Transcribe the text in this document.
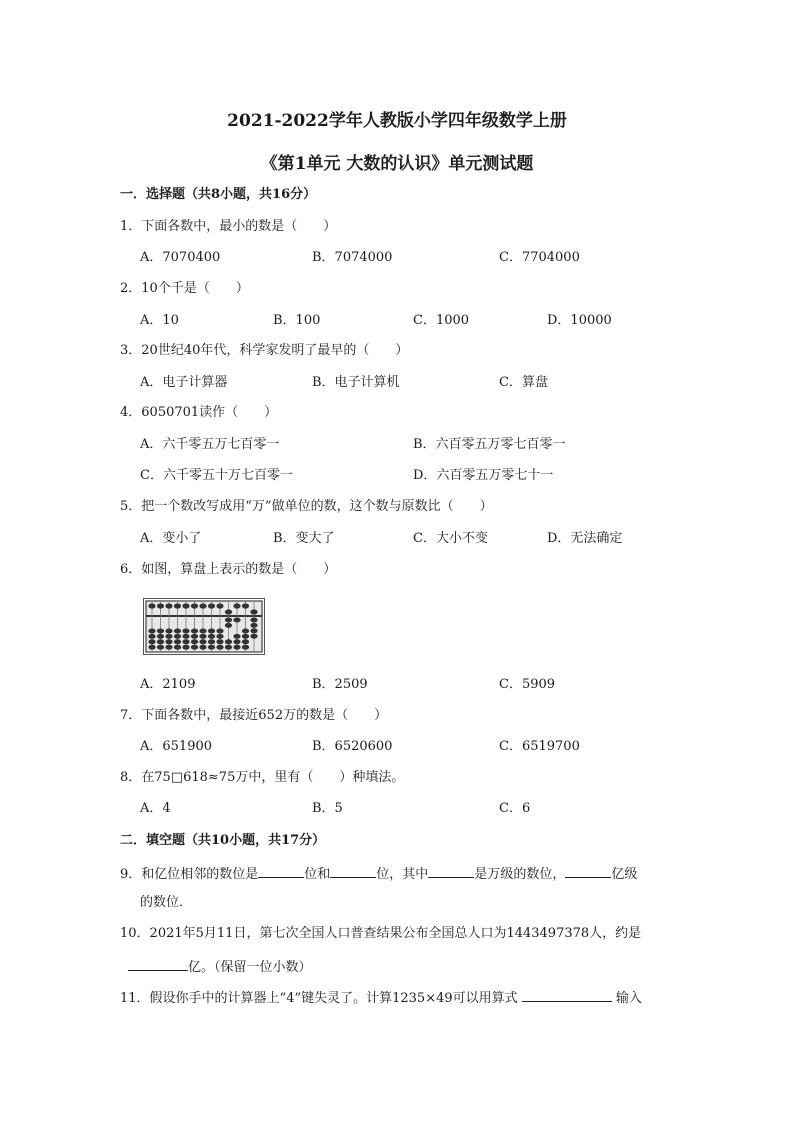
2021-2022学年人教版小学四年级数学上册
《第1单元 大数的认识》单元测试题
一．选择题（共8小题，共16分）
1．下面各数中，最小的数是（　　）
A．7070400	B．7074000	C．7704000
2．10个千是（　　）
A．10	B．100	C．1000	D．10000
3．20世纪40年代，科学家发明了最早的（　　）
A．电子计算器	B．电子计算机	C．算盘
4．6050701读作（　　）
A．六千零五万七百零一	B．六百零五万零七百零一
C．六千零五十万七百零一	D．六百零五万零七十一
5．把一个数改写成用“万”做单位的数，这个数与原数比（　　）
A．变小了	B．变大了	C．大小不变	D．无法确定
6．如图，算盘上表示的数是（　　）
A．2109	B．2509	C．5909
7．下面各数中，最接近652万的数是（　　）
A．651900	B．6520600	C．6519700
8．在75□618≈75万中，里有（　　）种填法。
A．4	B．5	C．6
二．填空题（共10小题，共17分）
9．和亿位相邻的数位是	位和	位，其中	是万级的数位，	亿级
的数位．
10．2021年5月11日，第七次全国人口普查结果公布全国总人口为1443497378人，约是
亿。（保留一位小数）
11．假设你手中的计算器上“4”键失灵了。计算1235×49可以用算式	输入
